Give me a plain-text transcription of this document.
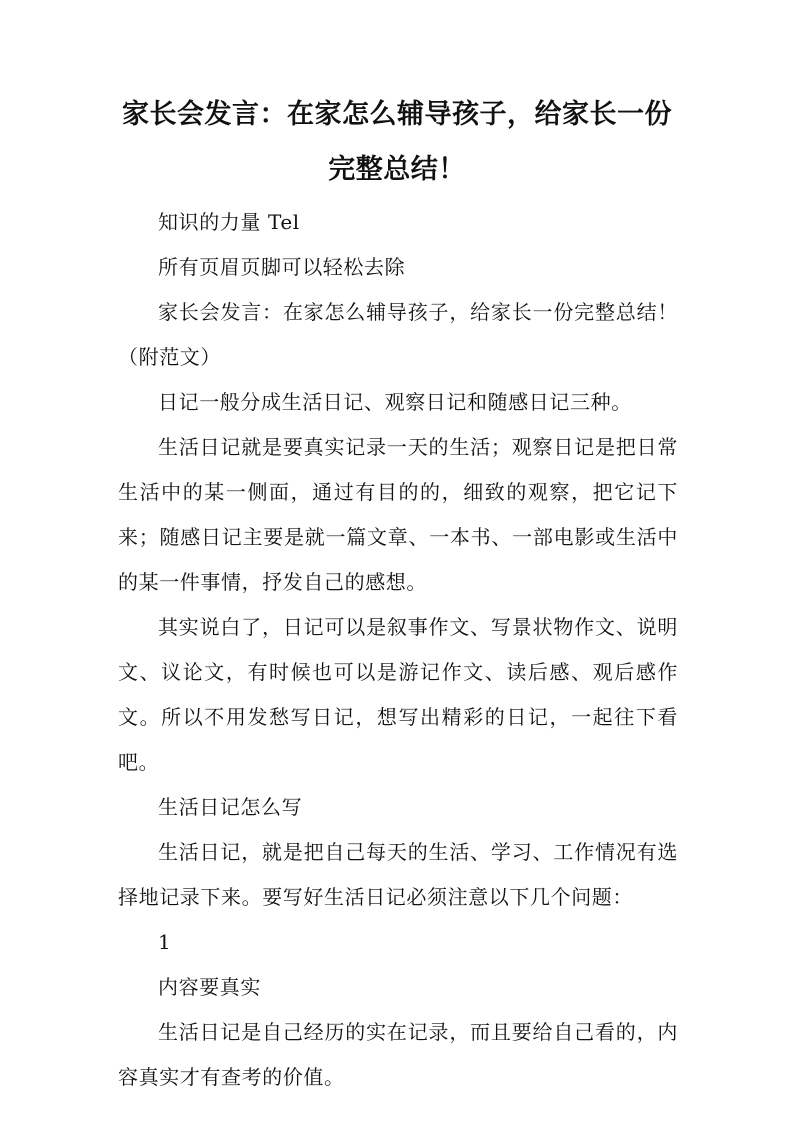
家长会发言：在家怎么辅导孩子，给家长一份
完整总结！

知识的力量 Tel

所有页眉页脚可以轻松去除

家长会发言：在家怎么辅导孩子，给家长一份完整总结！（附范文）

日记一般分成生活日记、观察日记和随感日记三种。

生活日记就是要真实记录一天的生活；观察日记是把日常生活中的某一侧面，通过有目的的，细致的观察，把它记下来；随感日记主要是就一篇文章、一本书、一部电影或生活中的某一件事情，抒发自己的感想。

其实说白了，日记可以是叙事作文、写景状物作文、说明文、议论文，有时候也可以是游记作文、读后感、观后感作文。所以不用发愁写日记，想写出精彩的日记，一起往下看吧。

生活日记怎么写

生活日记，就是把自己每天的生活、学习、工作情况有选择地记录下来。要写好生活日记必须注意以下几个问题：

1

内容要真实

生活日记是自己经历的实在记录，而且要给自己看的，内容真实才有查考的价值。
